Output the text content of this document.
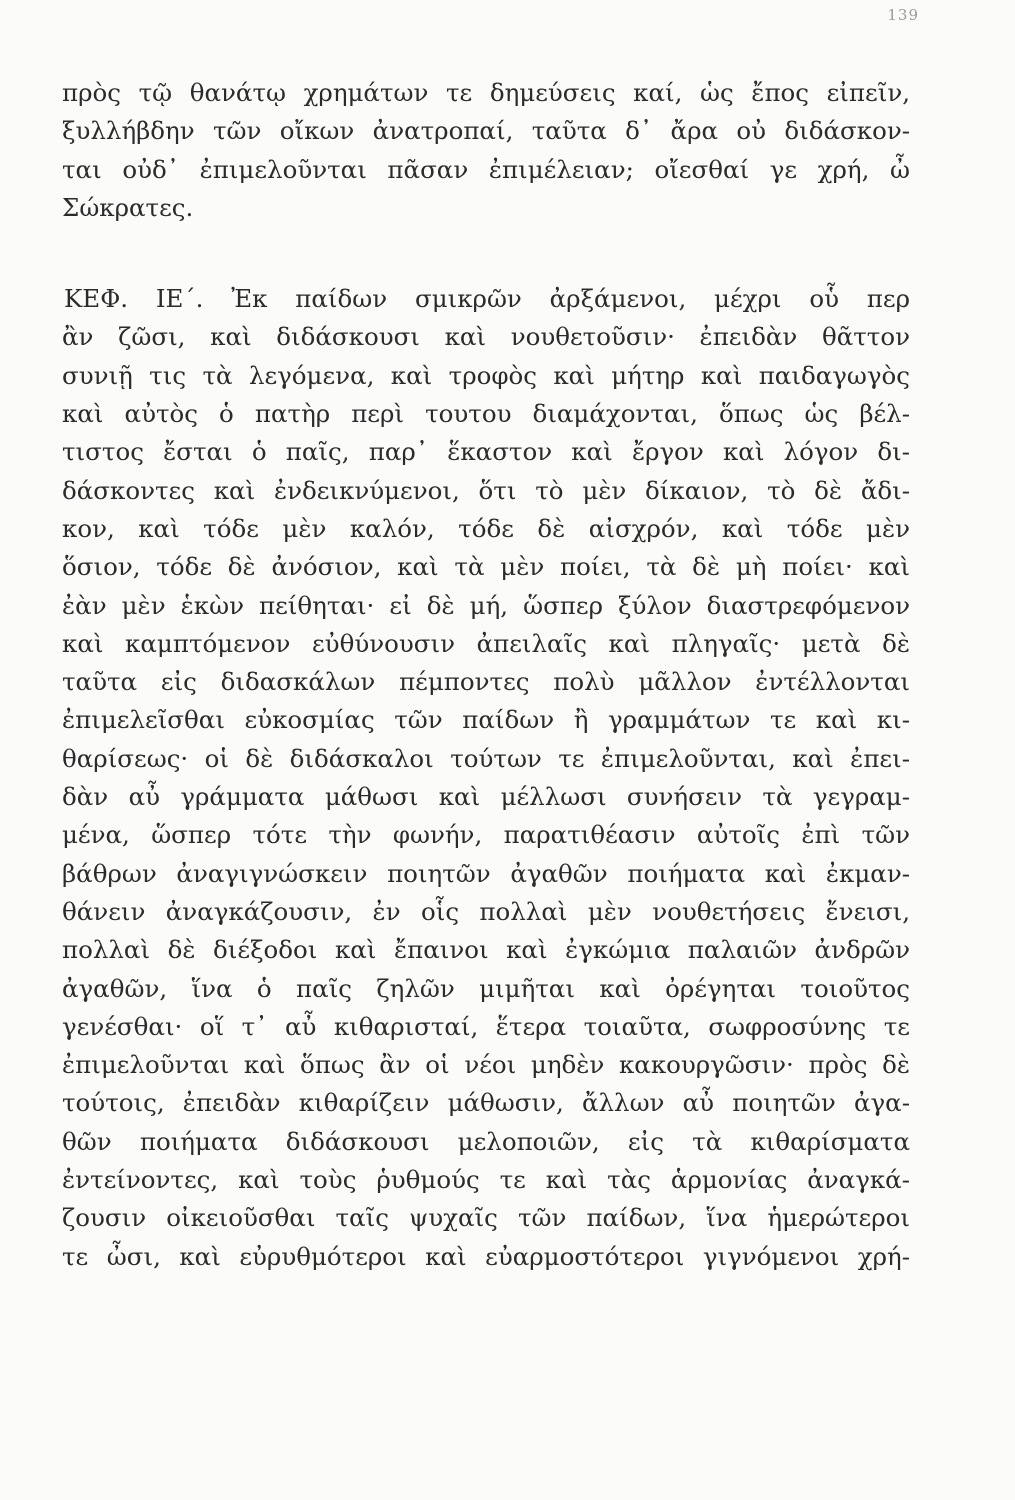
139
πρὸς τῷ θανάτῳ χρημάτων τε δημεύσεις καί, ὡς ἔπος εἰπεῖν,
ξυλλήβδην τῶν οἴκων ἀνατροπαί, ταῦτα δ᾽ ἄρα οὐ διδάσκον-
ται οὐδ᾽ ἐπιμελοῦνται πᾶσαν ἐπιμέλειαν; οἴεσθαί γε χρή, ὦ
Σώκρατες.
ΚΕΦ. ΙΕ΄. Ἐκ παίδων σμικρῶν ἀρξάμενοι, μέχρι οὗ περ
ἂν ζῶσι, καὶ διδάσκουσι καὶ νουθετοῦσιν· ἐπειδὰν θᾶττον
συνιῇ τις τὰ λεγόμενα, καὶ τροφὸς καὶ μήτηρ καὶ παιδαγωγὸς
καὶ αὐτὸς ὁ πατὴρ περὶ τουτου διαμάχονται, ὅπως ὡς βέλ-
τιστος ἔσται ὁ παῖς, παρ᾽ ἕκαστον καὶ ἔργον καὶ λόγον δι-
δάσκοντες καὶ ἐνδεικνύμενοι, ὅτι τὸ μὲν δίκαιον, τὸ δὲ ἄδι-
κον, καὶ τόδε μὲν καλόν, τόδε δὲ αἰσχρόν, καὶ τόδε μὲν
ὅσιον, τόδε δὲ ἀνόσιον, καὶ τὰ μὲν ποίει, τὰ δὲ μὴ ποίει· καὶ
ἐὰν μὲν ἑκὼν πείθηται· εἰ δὲ μή, ὥσπερ ξύλον διαστρεφόμενον
καὶ καμπτόμενον εὐθύνουσιν ἀπειλαῖς καὶ πληγαῖς· μετὰ δὲ
ταῦτα εἰς διδασκάλων πέμποντες πολὺ μᾶλλον ἐντέλλονται
ἐπιμελεῖσθαι εὐκοσμίας τῶν παίδων ἢ γραμμάτων τε καὶ κι-
θαρίσεως· οἱ δὲ διδάσκαλοι τούτων τε ἐπιμελοῦνται, καὶ ἐπει-
δὰν αὖ γράμματα μάθωσι καὶ μέλλωσι συνήσειν τὰ γεγραμ-
μένα, ὥσπερ τότε τὴν φωνήν, παρατιθέασιν αὐτοῖς ἐπὶ τῶν
βάθρων ἀναγιγνώσκειν ποιητῶν ἀγαθῶν ποιήματα καὶ ἐκμαν-
θάνειν ἀναγκάζουσιν, ἐν οἷς πολλαὶ μὲν νουθετήσεις ἔνεισι,
πολλαὶ δὲ διέξοδοι καὶ ἔπαινοι καὶ ἐγκώμια παλαιῶν ἀνδρῶν
ἀγαθῶν, ἵνα ὁ παῖς ζηλῶν μιμῆται καὶ ὀρέγηται τοιοῦτος
γενέσθαι· οἵ τ᾽ αὖ κιθαρισταί, ἕτερα τοιαῦτα, σωφροσύνης τε
ἐπιμελοῦνται καὶ ὅπως ἂν οἱ νέοι μηδὲν κακουργῶσιν· πρὸς δὲ
τούτοις, ἐπειδὰν κιθαρίζειν μάθωσιν, ἄλλων αὖ ποιητῶν ἀγα-
θῶν ποιήματα διδάσκουσι μελοποιῶν, εἰς τὰ κιθαρίσματα
ἐντείνοντες, καὶ τοὺς ῥυθμούς τε καὶ τὰς ἁρμονίας ἀναγκά-
ζουσιν οἰκειοῦσθαι ταῖς ψυχαῖς τῶν παίδων, ἵνα ἡμερώτεροι
τε ὦσι, καὶ εὐρυθμότεροι καὶ εὐαρμοστότεροι γιγνόμενοι χρή-
